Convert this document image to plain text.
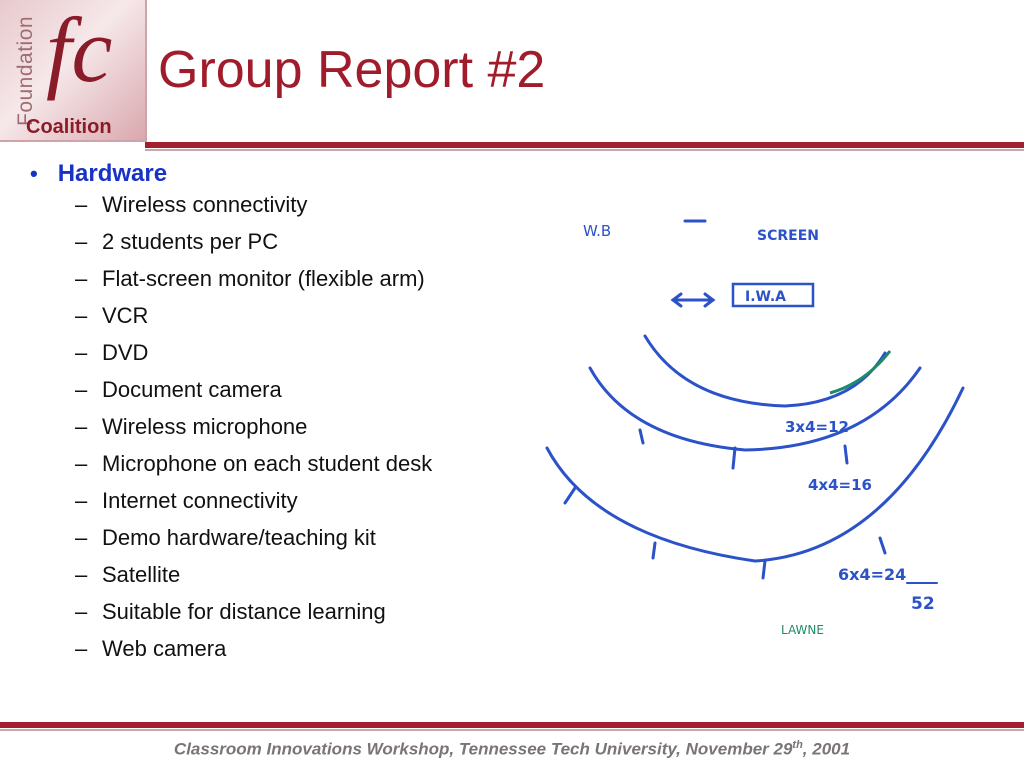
Foundation fc
Coalition
Group Report #2
• Hardware
– Wireless connectivity
– 2 students per PC
– Flat-screen monitor (flexible arm)
– VCR
– DVD
– Document camera
– Wireless microphone
– Microphone on each student desk
– Internet connectivity
– Demo hardware/teaching kit
– Satellite
– Suitable for distance learning
– Web camera
W.B	SCREEN
I.W.A
3x4=12
4x4=16
6x4=24
52
LAWNE
Classroom Innovations Workshop, Tennessee Tech University, November 29th, 2001
